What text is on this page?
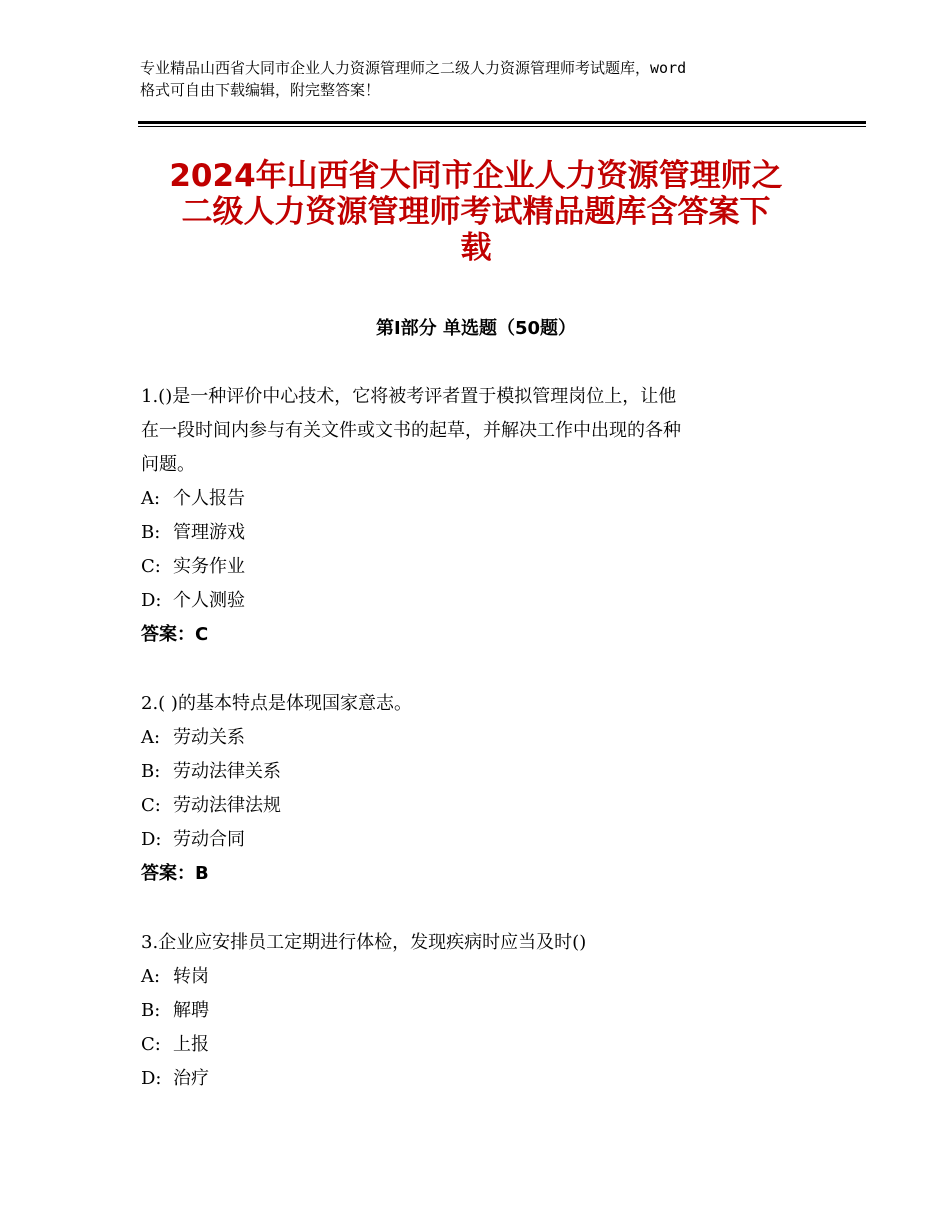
专业精品山西省大同市企业人力资源管理师之二级人力资源管理师考试题库，word
格式可自由下载编辑，附完整答案！
2024年山西省大同市企业人力资源管理师之
二级人力资源管理师考试精品题库含答案下
载
第Ⅰ部分 单选题（50题）
1.()是一种评价中心技术，它将被考评者置于模拟管理岗位上，让他
在一段时间内参与有关文件或文书的起草，并解决工作中出现的各种
问题。
A: 个人报告
B: 管理游戏
C: 实务作业
D: 个人测验
答案：C
2.( )的基本特点是体现国家意志。
A: 劳动关系
B: 劳动法律关系
C: 劳动法律法规
D: 劳动合同
答案：B
3.企业应安排员工定期进行体检，发现疾病时应当及时()
A: 转岗
B: 解聘
C: 上报
D: 治疗
